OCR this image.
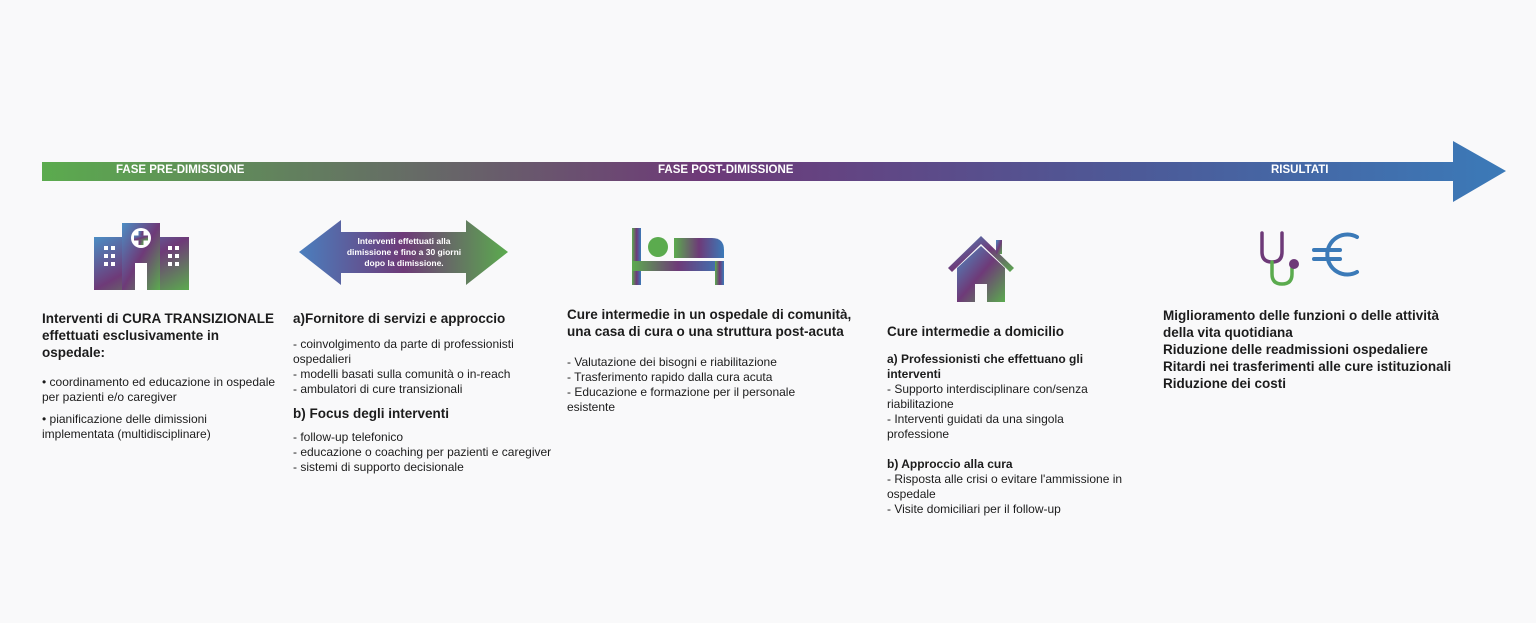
FASE PRE-DIMISSIONE	FASE POST-DIMISSIONE	RISULTATI
Interventi effettuati alla dimissione e fino a 30 giorni dopo la dimissione.

Interventi di CURA TRANSIZIONALE effettuati esclusivamente in ospedale:

• coordinamento ed educazione in ospedale per pazienti e/o caregiver

• pianificazione delle dimissioni implementata (multidisciplinare)

a)Fornitore di servizi e approccio

- coinvolgimento da parte di professionisti ospedalieri

- modelli basati sulla comunità o in-reach

- ambulatori di cure transizionali

b) Focus degli interventi

- follow-up telefonico

- educazione o coaching per pazienti e caregiver

- sistemi di supporto decisionale

Cure intermedie in un ospedale di comunità, una casa di cura o una struttura post-acuta

- Valutazione dei bisogni e riabilitazione

- Trasferimento rapido dalla cura acuta

- Educazione e formazione per il personale esistente

Cure intermedie a domicilio

a) Professionisti che effettuano gli interventi

- Supporto interdisciplinare con/senza riabilitazione

- Interventi guidati da una singola professione

b) Approccio alla cura

- Risposta alle crisi o evitare l'ammissione in ospedale

- Visite domiciliari per il follow-up

Miglioramento delle funzioni o delle attività della vita quotidiana

Riduzione delle readmissioni ospedaliere

Ritardi nei trasferimenti alle cure istituzionali

Riduzione dei costi
